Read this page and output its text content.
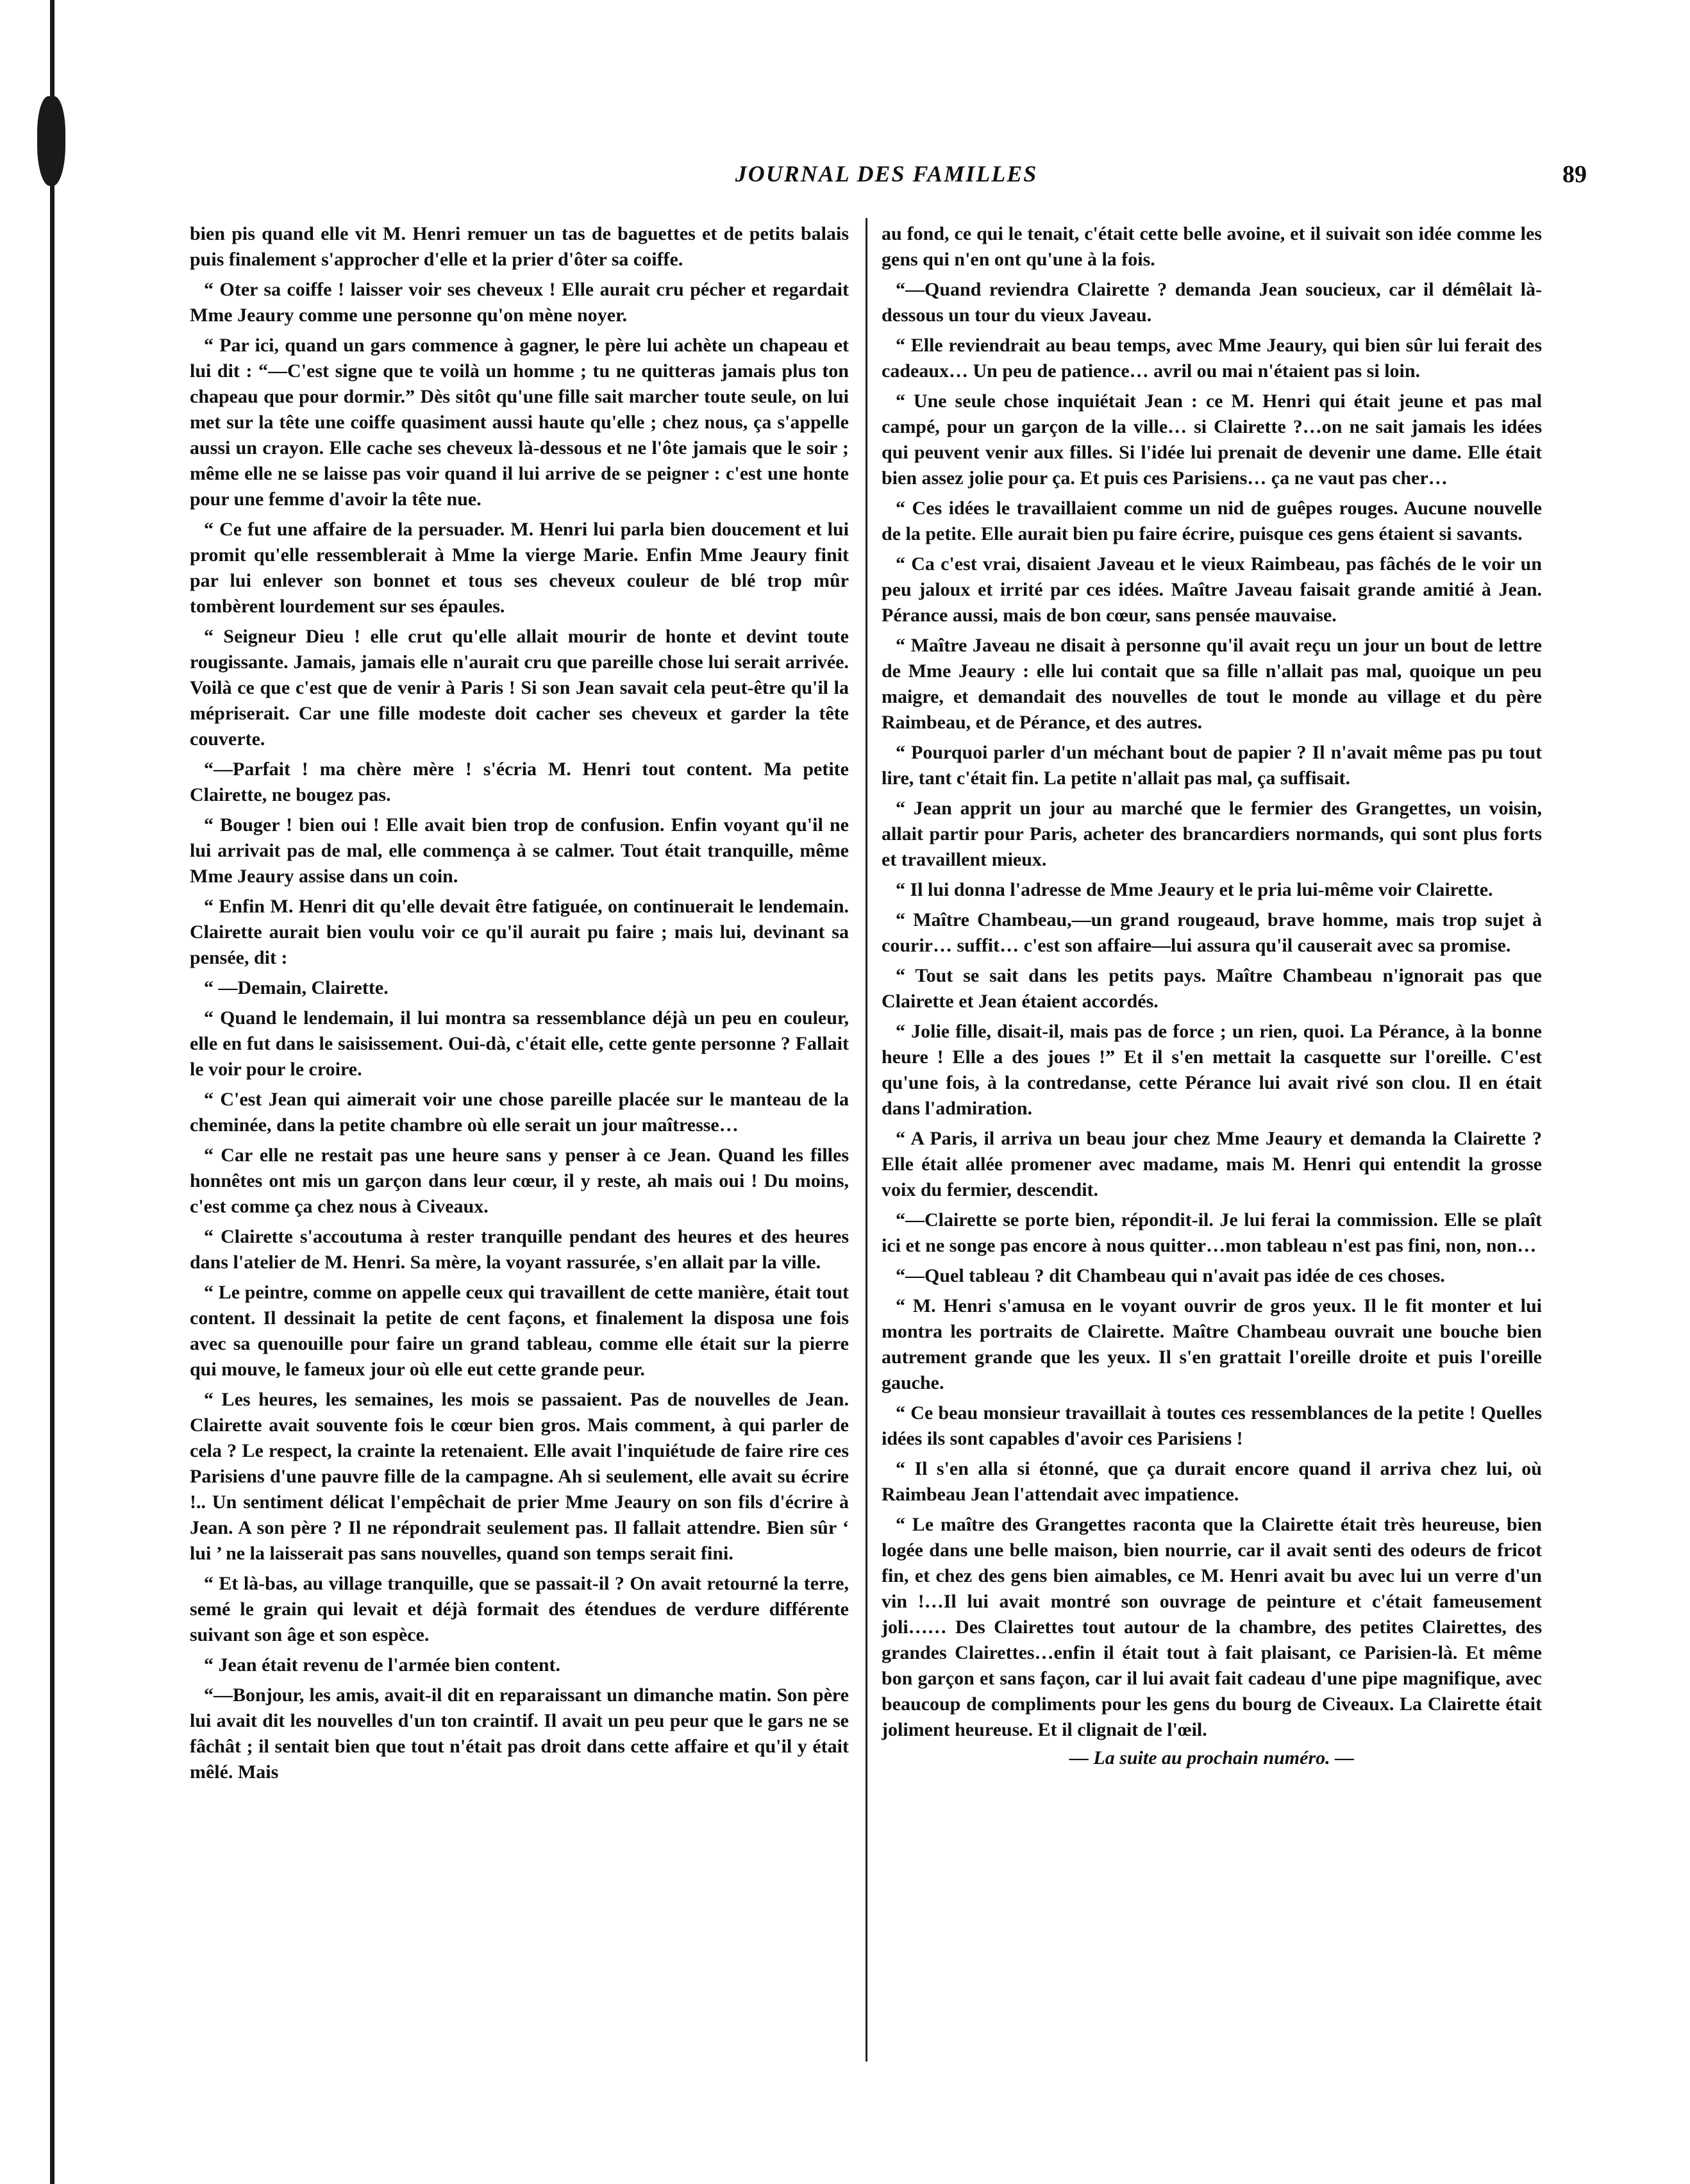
JOURNAL DES FAMILLES	89

bien pis quand elle vit M. Henri remuer un tas de baguettes et de petits balais puis finalement s'approcher d'elle et la prier d'ôter sa coiffe.

“ Oter sa coiffe ! laisser voir ses cheveux ! Elle aurait cru pécher et regardait Mme Jeaury comme une personne qu'on mène noyer.

“ Par ici, quand un gars commence à gagner, le père lui achète un chapeau et lui dit : “—C'est signe que te voilà un homme ; tu ne quitteras jamais plus ton chapeau que pour dormir.” Dès sitôt qu'une fille sait marcher toute seule, on lui met sur la tête une coiffe quasiment aussi haute qu'elle ; chez nous, ça s'appelle aussi un crayon. Elle cache ses cheveux là-dessous et ne l'ôte jamais que le soir ; même elle ne se laisse pas voir quand il lui arrive de se peigner : c'est une honte pour une femme d'avoir la tête nue.

“ Ce fut une affaire de la persuader. M. Henri lui parla bien doucement et lui promit qu'elle ressemblerait à Mme la vierge Marie. Enfin Mme Jeaury finit par lui enlever son bonnet et tous ses cheveux couleur de blé trop mûr tombèrent lourdement sur ses épaules.

“ Seigneur Dieu ! elle crut qu'elle allait mourir de honte et devint toute rougissante. Jamais, jamais elle n'aurait cru que pareille chose lui serait arrivée. Voilà ce que c'est que de venir à Paris ! Si son Jean savait cela peut-être qu'il la mépriserait. Car une fille modeste doit cacher ses cheveux et garder la tête couverte.

“—Parfait ! ma chère mère ! s'écria M. Henri tout content. Ma petite Clairette, ne bougez pas.

“ Bouger ! bien oui ! Elle avait bien trop de confusion. Enfin voyant qu'il ne lui arrivait pas de mal, elle commença à se calmer. Tout était tranquille, même Mme Jeaury assise dans un coin.

“ Enfin M. Henri dit qu'elle devait être fatiguée, on continuerait le lendemain. Clairette aurait bien voulu voir ce qu'il aurait pu faire ; mais lui, devinant sa pensée, dit :

“ —Demain, Clairette.

“ Quand le lendemain, il lui montra sa ressemblance déjà un peu en couleur, elle en fut dans le saisissement. Oui-dà, c'était elle, cette gente personne ? Fallait le voir pour le croire.

“ C'est Jean qui aimerait voir une chose pareille placée sur le manteau de la cheminée, dans la petite chambre où elle serait un jour maîtresse…

“ Car elle ne restait pas une heure sans y penser à ce Jean. Quand les filles honnêtes ont mis un garçon dans leur cœur, il y reste, ah mais oui ! Du moins, c'est comme ça chez nous à Civeaux.

“ Clairette s'accoutuma à rester tranquille pendant des heures et des heures dans l'atelier de M. Henri. Sa mère, la voyant rassurée, s'en allait par la ville.

“ Le peintre, comme on appelle ceux qui travaillent de cette manière, était tout content. Il dessinait la petite de cent façons, et finalement la disposa une fois avec sa quenouille pour faire un grand tableau, comme elle était sur la pierre qui mouve, le fameux jour où elle eut cette grande peur.

“ Les heures, les semaines, les mois se passaient. Pas de nouvelles de Jean. Clairette avait souvente fois le cœur bien gros. Mais comment, à qui parler de cela ? Le respect, la crainte la retenaient. Elle avait l'inquiétude de faire rire ces Parisiens d'une pauvre fille de la campagne. Ah si seulement, elle avait su écrire !.. Un sentiment délicat l'empêchait de prier Mme Jeaury on son fils d'écrire à Jean. A son père ? Il ne répondrait seulement pas. Il fallait attendre. Bien sûr ‘ lui ’ ne la laisserait pas sans nouvelles, quand son temps serait fini.

“ Et là-bas, au village tranquille, que se passait-il ? On avait retourné la terre, semé le grain qui levait et déjà formait des étendues de verdure différente suivant son âge et son espèce.

“ Jean était revenu de l'armée bien content.

“—Bonjour, les amis, avait-il dit en reparaissant un dimanche matin. Son père lui avait dit les nouvelles d'un ton craintif. Il avait un peu peur que le gars ne se fâchât ; il sentait bien que tout n'était pas droit dans cette affaire et qu'il y était mêlé. Mais

au fond, ce qui le tenait, c'était cette belle avoine, et il suivait son idée comme les gens qui n'en ont qu'une à la fois.

“—Quand reviendra Clairette ? demanda Jean soucieux, car il démêlait là-dessous un tour du vieux Javeau.

“ Elle reviendrait au beau temps, avec Mme Jeaury, qui bien sûr lui ferait des cadeaux… Un peu de patience… avril ou mai n'étaient pas si loin.

“ Une seule chose inquiétait Jean : ce M. Henri qui était jeune et pas mal campé, pour un garçon de la ville… si Clairette ?…on ne sait jamais les idées qui peuvent venir aux filles. Si l'idée lui prenait de devenir une dame. Elle était bien assez jolie pour ça. Et puis ces Parisiens… ça ne vaut pas cher…

“ Ces idées le travaillaient comme un nid de guêpes rouges. Aucune nouvelle de la petite. Elle aurait bien pu faire écrire, puisque ces gens étaient si savants.

“ Ca c'est vrai, disaient Javeau et le vieux Raimbeau, pas fâchés de le voir un peu jaloux et irrité par ces idées. Maître Javeau faisait grande amitié à Jean. Pérance aussi, mais de bon cœur, sans pensée mauvaise.

“ Maître Javeau ne disait à personne qu'il avait reçu un jour un bout de lettre de Mme Jeaury : elle lui contait que sa fille n'allait pas mal, quoique un peu maigre, et demandait des nouvelles de tout le monde au village et du père Raimbeau, et de Pérance, et des autres.

“ Pourquoi parler d'un méchant bout de papier ? Il n'avait même pas pu tout lire, tant c'était fin. La petite n'allait pas mal, ça suffisait.

“ Jean apprit un jour au marché que le fermier des Grangettes, un voisin, allait partir pour Paris, acheter des brancardiers normands, qui sont plus forts et travaillent mieux.

“ Il lui donna l'adresse de Mme Jeaury et le pria lui-même voir Clairette.

“ Maître Chambeau,—un grand rougeaud, brave homme, mais trop sujet à courir… suffit… c'est son affaire—lui assura qu'il causerait avec sa promise.

“ Tout se sait dans les petits pays. Maître Chambeau n'ignorait pas que Clairette et Jean étaient accordés.

“ Jolie fille, disait-il, mais pas de force ; un rien, quoi. La Pérance, à la bonne heure ! Elle a des joues !” Et il s'en mettait la casquette sur l'oreille. C'est qu'une fois, à la contredanse, cette Pérance lui avait rivé son clou. Il en était dans l'admiration.

“ A Paris, il arriva un beau jour chez Mme Jeaury et demanda la Clairette ? Elle était allée promener avec madame, mais M. Henri qui entendit la grosse voix du fermier, descendit.

“—Clairette se porte bien, répondit-il. Je lui ferai la commission. Elle se plaît ici et ne songe pas encore à nous quitter…mon tableau n'est pas fini, non, non…

“—Quel tableau ? dit Chambeau qui n'avait pas idée de ces choses.

“ M. Henri s'amusa en le voyant ouvrir de gros yeux. Il le fit monter et lui montra les portraits de Clairette. Maître Chambeau ouvrait une bouche bien autrement grande que les yeux. Il s'en grattait l'oreille droite et puis l'oreille gauche.

“ Ce beau monsieur travaillait à toutes ces ressemblances de la petite ! Quelles idées ils sont capables d'avoir ces Parisiens !

“ Il s'en alla si étonné, que ça durait encore quand il arriva chez lui, où Raimbeau Jean l'attendait avec impatience.

“ Le maître des Grangettes raconta que la Clairette était très heureuse, bien logée dans une belle maison, bien nourrie, car il avait senti des odeurs de fricot fin, et chez des gens bien aimables, ce M. Henri avait bu avec lui un verre d'un vin !…Il lui avait montré son ouvrage de peinture et c'était fameusement joli…… Des Clairettes tout autour de la chambre, des petites Clairettes, des grandes Clairettes…enfin il était tout à fait plaisant, ce Parisien-là. Et même bon garçon et sans façon, car il lui avait fait cadeau d'une pipe magnifique, avec beaucoup de compliments pour les gens du bourg de Civeaux. La Clairette était joliment heureuse. Et il clignait de l'œil.

— La suite au prochain numéro. —
